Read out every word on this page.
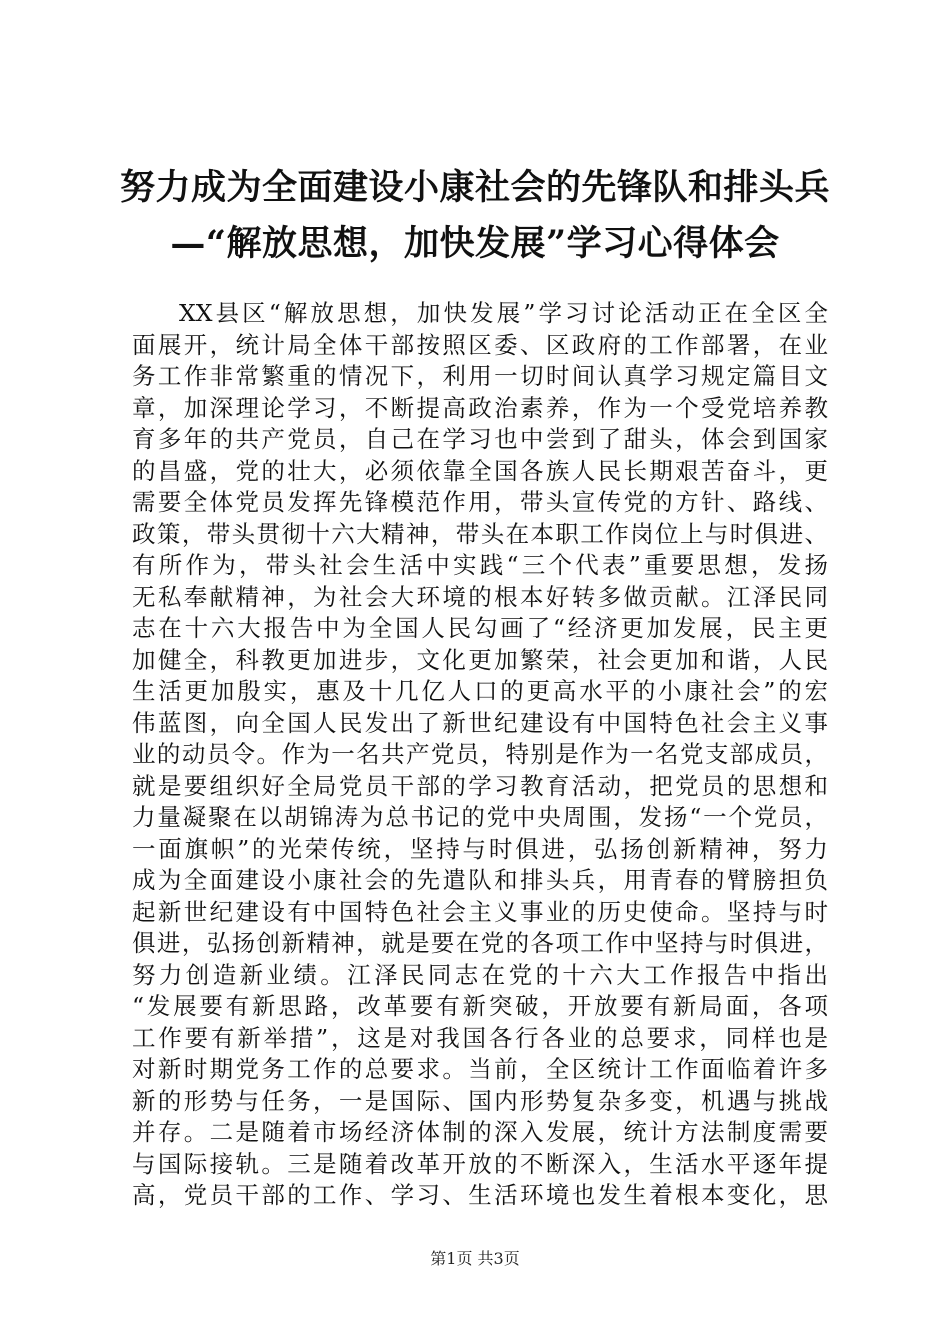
努力成为全面建设小康社会的先锋队和排头兵
—“解放思想，加快发展”学习心得体会
XX县区“解放思想，加快发展”学习讨论活动正在全区全
面展开，统计局全体干部按照区委、区政府的工作部署，在业
务工作非常繁重的情况下，利用一切时间认真学习规定篇目文
章，加深理论学习，不断提高政治素养，作为一个受党培养教
育多年的共产党员，自己在学习也中尝到了甜头，体会到国家
的昌盛，党的壮大，必须依靠全国各族人民长期艰苦奋斗，更
需要全体党员发挥先锋模范作用，带头宣传党的方针、路线、
政策，带头贯彻十六大精神，带头在本职工作岗位上与时俱进、
有所作为，带头社会生活中实践“三个代表”重要思想，发扬
无私奉献精神，为社会大环境的根本好转多做贡献。江泽民同
志在十六大报告中为全国人民勾画了“经济更加发展，民主更
加健全，科教更加进步，文化更加繁荣，社会更加和谐，人民
生活更加殷实，惠及十几亿人口的更高水平的小康社会”的宏
伟蓝图，向全国人民发出了新世纪建设有中国特色社会主义事
业的动员令。作为一名共产党员，特别是作为一名党支部成员，
就是要组织好全局党员干部的学习教育活动，把党员的思想和
力量凝聚在以胡锦涛为总书记的党中央周围，发扬“一个党员，
一面旗帜”的光荣传统，坚持与时俱进，弘扬创新精神，努力
成为全面建设小康社会的先遣队和排头兵，用青春的臂膀担负
起新世纪建设有中国特色社会主义事业的历史使命。坚持与时
俱进，弘扬创新精神，就是要在党的各项工作中坚持与时俱进，
努力创造新业绩。江泽民同志在党的十六大工作报告中指出
“发展要有新思路，改革要有新突破，开放要有新局面，各项
工作要有新举措”，这是对我国各行各业的总要求，同样也是
对新时期党务工作的总要求。当前，全区统计工作面临着许多
新的形势与任务，一是国际、国内形势复杂多变，机遇与挑战
并存。二是随着市场经济体制的深入发展，统计方法制度需要
与国际接轨。三是随着改革开放的不断深入，生活水平逐年提
高，党员干部的工作、学习、生活环境也发生着根本变化，思
第1页 共3页
